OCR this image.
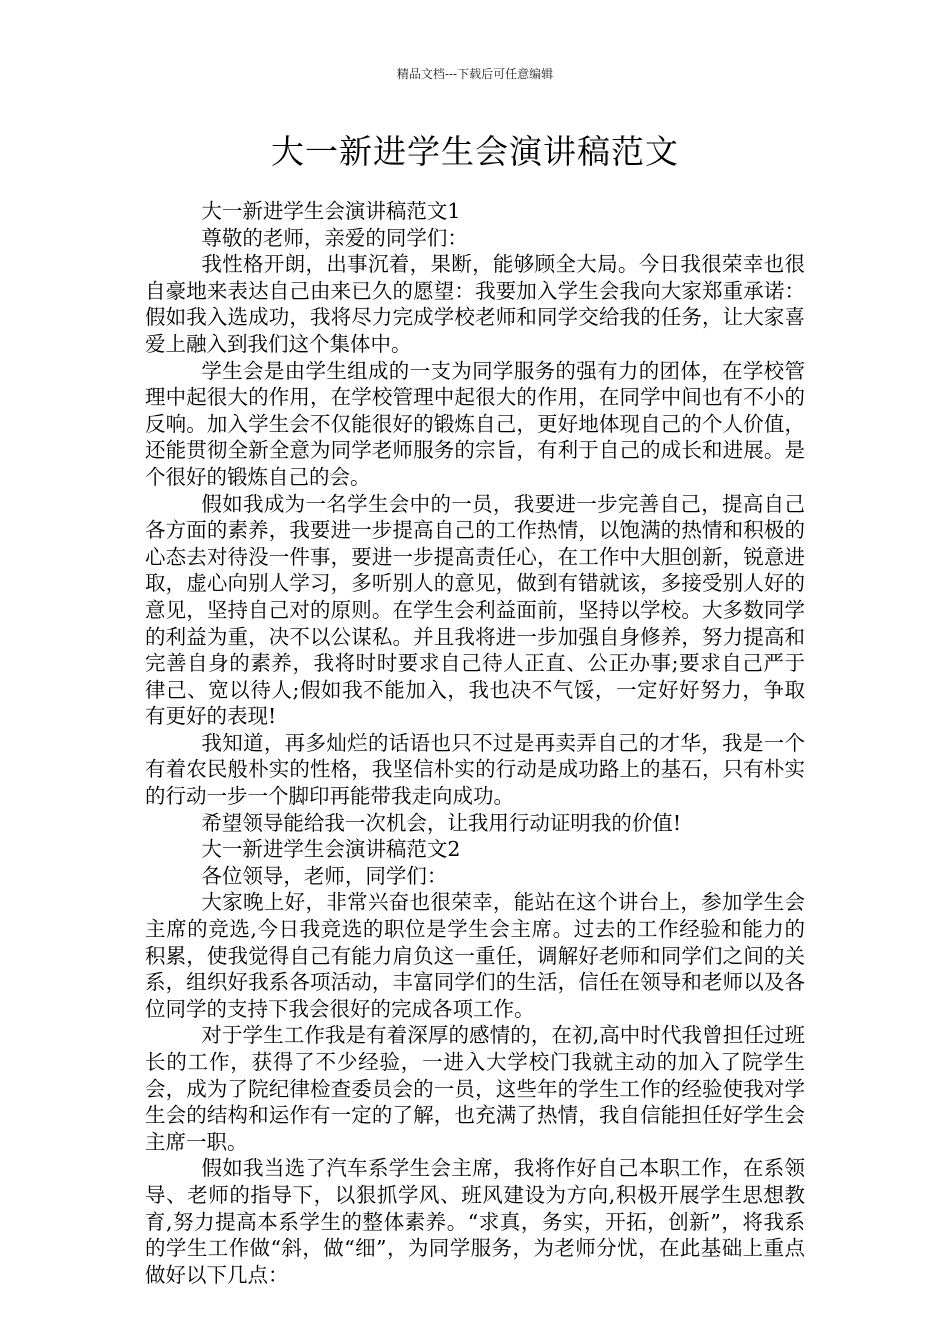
精品文档---下载后可任意编辑
大一新进学生会演讲稿范文

大一新进学生会演讲稿范文1

尊敬的老师，亲爱的同学们：

我性格开朗，出事沉着，果断，能够顾全大局。今日我很荣幸也很自豪地来表达自己由来已久的愿望：我要加入学生会我向大家郑重承诺：假如我入选成功，我将尽力完成学校老师和同学交给我的任务，让大家喜爱上融入到我们这个集体中。

学生会是由学生组成的一支为同学服务的强有力的团体，在学校管理中起很大的作用，在学校管理中起很大的作用，在同学中间也有不小的反响。加入学生会不仅能很好的锻炼自己，更好地体现自己的个人价值，还能贯彻全新全意为同学老师服务的宗旨，有利于自己的成长和进展。是个很好的锻炼自己的会。

假如我成为一名学生会中的一员，我要进一步完善自己，提高自己各方面的素养，我要进一步提高自己的工作热情，以饱满的热情和积极的心态去对待没一件事，要进一步提高责任心，在工作中大胆创新，锐意进取，虚心向别人学习，多听别人的意见，做到有错就该，多接受别人好的意见，坚持自己对的原则。在学生会利益面前，坚持以学校。大多数同学的利益为重，决不以公谋私。并且我将进一步加强自身修养，努力提高和完善自身的素养，我将时时要求自己待人正直、公正办事;要求自己严于律己、宽以待人;假如我不能加入，我也决不气馁，一定好好努力，争取有更好的表现!

我知道，再多灿烂的话语也只不过是再卖弄自己的才华，我是一个有着农民般朴实的性格，我坚信朴实的行动是成功路上的基石，只有朴实的行动一步一个脚印再能带我走向成功。

希望领导能给我一次机会，让我用行动证明我的价值!

大一新进学生会演讲稿范文2

各位领导，老师，同学们：

大家晚上好，非常兴奋也很荣幸，能站在这个讲台上，参加学生会主席的竞选,今日我竞选的职位是学生会主席。过去的工作经验和能力的积累，使我觉得自己有能力肩负这一重任，调解好老师和同学们之间的关系，组织好我系各项活动，丰富同学们的生活，信任在领导和老师以及各位同学的支持下我会很好的完成各项工作。

对于学生工作我是有着深厚的感情的，在初,高中时代我曾担任过班长的工作，获得了不少经验，一进入大学校门我就主动的加入了院学生会，成为了院纪律检查委员会的一员，这些年的学生工作的经验使我对学生会的结构和运作有一定的了解，也充满了热情，我自信能担任好学生会主席一职。

假如我当选了汽车系学生会主席，我将作好自己本职工作，在系领导、老师的指导下，以狠抓学风、班风建设为方向,积极开展学生思想教育,努力提高本系学生的整体素养。“求真，务实，开拓，创新”，将我系的学生工作做“斜，做“细”，为同学服务，为老师分忧，在此基础上重点做好以下几点：
